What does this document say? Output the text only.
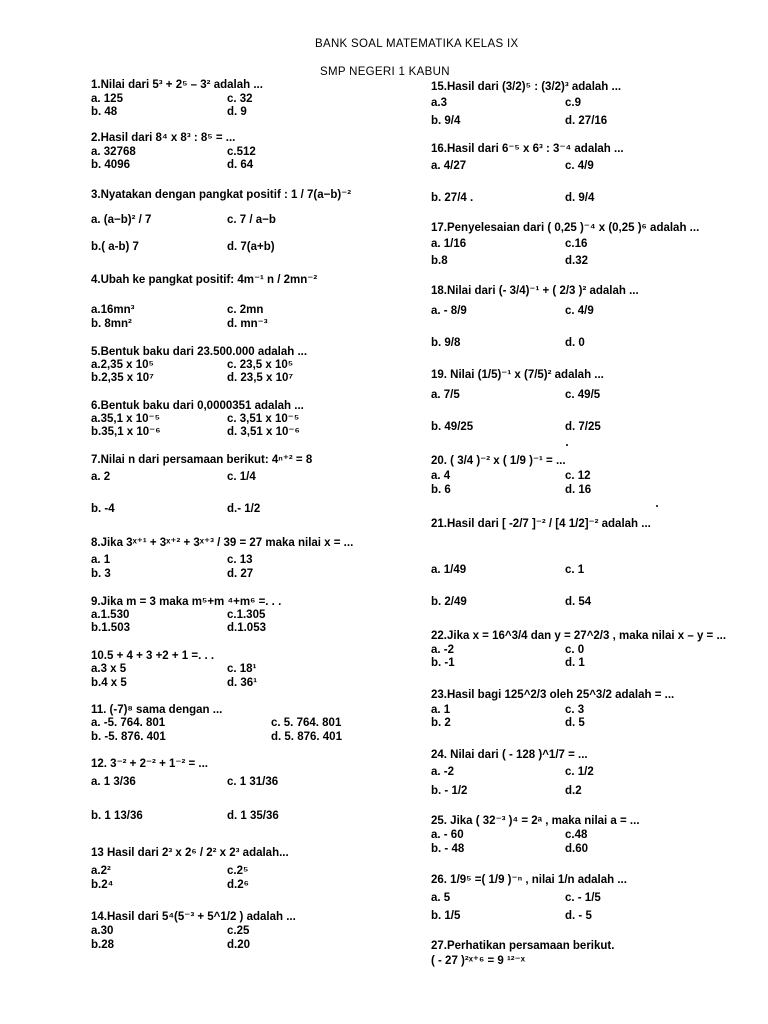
BANK SOAL MATEMATIKA KELAS IX
SMP NEGERI 1 KABUN
1.Nilai dari 5³ + 2⁵ – 3² adalah ...
a. 125	c. 32
b. 48	d. 9
2.Hasil dari 8⁴ x 8³ : 8⁵ = ...
a. 32768	c.512
b. 4096	d. 64
3.Nyatakan dengan pangkat positif : 1 / 7(a−b)⁻²
a. (a−b)² / 7	c. 7 / a−b
b.( a-b) 7	d. 7(a+b)
4.Ubah ke pangkat positif: 4m⁻¹ n / 2mn⁻²
a.16mn³	c. 2mn
b. 8mn²	d. mn⁻³
5.Bentuk baku dari 23.500.000 adalah ...
a.2,35 x 10⁵	c. 23,5 x 10⁵
b.2,35 x 10⁷	d. 23,5 x 10⁷
6.Bentuk baku dari 0,0000351 adalah ...
a.35,1 x 10⁻⁵	c. 3,51 x 10⁻⁵
b.35,1 x 10⁻⁶	d. 3,51 x 10⁻⁶
7.Nilai n dari persamaan berikut: 4ⁿ⁺² = 8
a. 2	c. 1/4
b. -4	d.- 1/2
8.Jika 3ˣ⁺¹ + 3ˣ⁺² + 3ˣ⁺³ / 39 = 27 maka nilai x = ...
a. 1	c. 13
b. 3	d. 27
9.Jika m = 3 maka m⁵+m ⁴+m⁶ =. . .
a.1.530	c.1.305
b.1.503	d.1.053
10.5 + 4 + 3 +2 + 1 =. . .
a.3 x 5	c. 18¹
b.4 x 5	d. 36¹
11. (-7)⁸ sama dengan ...
a. -5. 764. 801	c. 5. 764. 801
b. -5. 876. 401	d. 5. 876. 401
12. 3⁻² + 2⁻² + 1⁻² = ...
a. 1 3/36	c. 1 31/36
b. 1 13/36	d. 1 35/36
13 Hasil dari 2³ x 2⁶ / 2² x 2³ adalah...
a.2²	c.2⁵
b.2⁴	d.2⁶
14.Hasil dari 5⁴(5⁻³ + 5^1/2 ) adalah ...
a.30	c.25
b.28	d.20
15.Hasil dari (3/2)⁵ : (3/2)³ adalah ...
a.3	c.9
b. 9/4	d. 27/16
16.Hasil dari 6⁻⁵ x 6³ : 3⁻⁴ adalah ...
a. 4/27	c. 4/9
b. 27/4 .	d. 9/4
17.Penyelesaian dari ( 0,25 )⁻⁴ x (0,25 )⁶ adalah ...
a. 1/16	c.16
b.8	d.32
18.Nilai dari (- 3/4)⁻¹ + ( 2/3 )² adalah ...
a. - 8/9	c. 4/9
b. 9/8	d. 0
19. Nilai (1/5)⁻¹ x (7/5)² adalah ...
a. 7/5	c. 49/5
b. 49/25	d. 7/25
20. ( 3/4 )⁻² x ( 1/9 )⁻¹ = ...
a. 4	c. 12
b. 6	d. 16
21.Hasil dari [ -2/7 ]⁻² / [4 1/2]⁻² adalah ...
a. 1/49	c. 1
b. 2/49	d. 54
22.Jika x = 16^3/4 dan y = 27^2/3 , maka nilai x – y = ...
a. -2	c. 0
b. -1	d. 1
23.Hasil bagi 125^2/3 oleh 25^3/2 adalah = ...
a. 1	c. 3
b. 2	d. 5
24. Nilai dari ( - 128 )^1/7 = ...
a. -2	c. 1/2
b. - 1/2	d.2
25. Jika ( 32⁻³ )⁴ = 2ᵃ , maka nilai a = ...
a. - 60	c.48
b. - 48	d.60
26. 1/9⁵ =( 1/9 )⁻ⁿ , nilai 1/n adalah ...
a. 5	c. - 1/5
b. 1/5	d. - 5
27.Perhatikan persamaan berikut.
( - 27 )²ˣ⁺⁶ = 9 ¹²⁻ˣ
